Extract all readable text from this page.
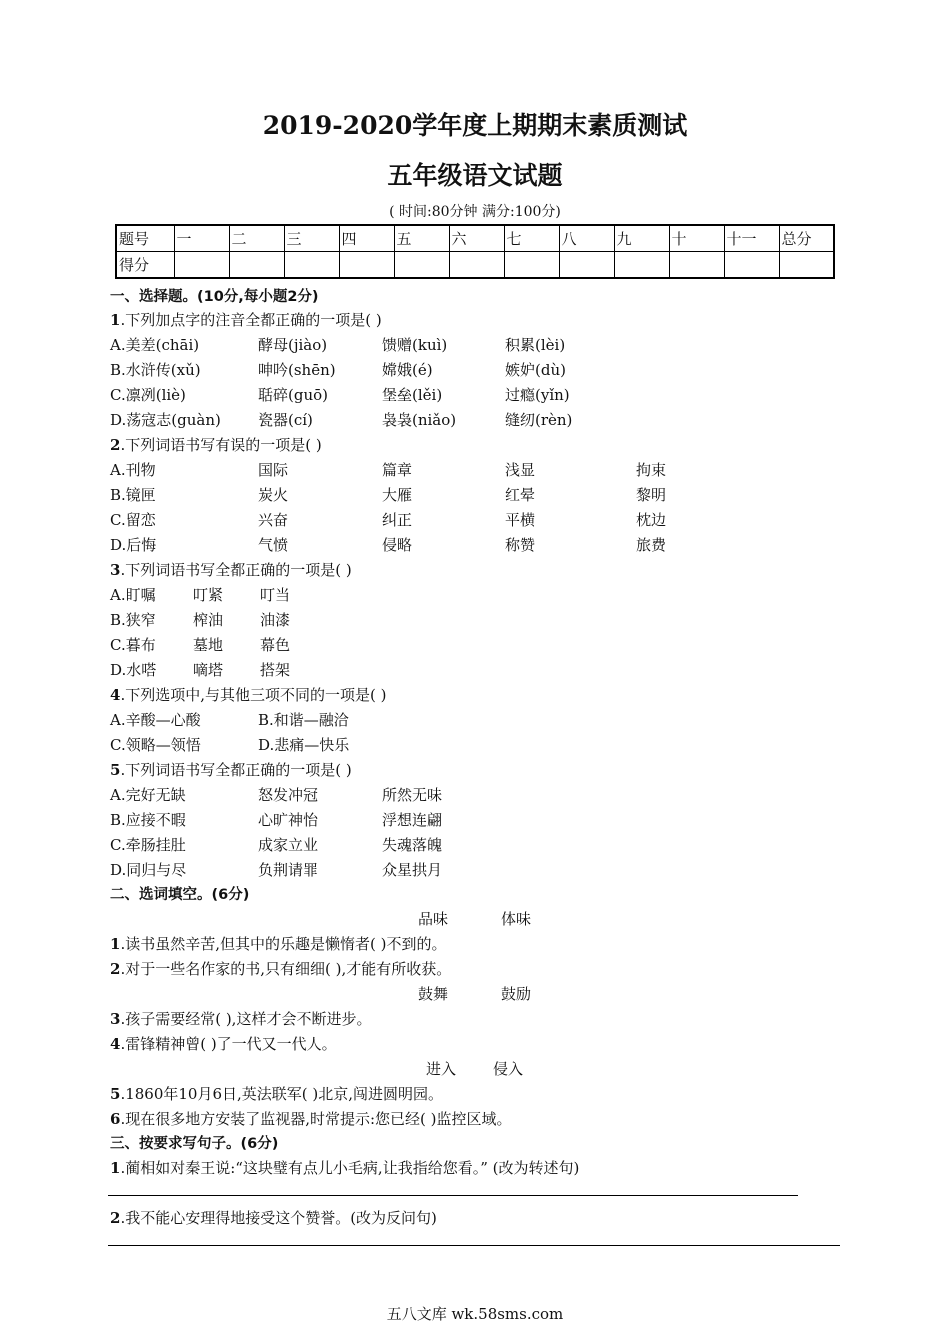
2019-2020学年度上期期末素质测试
五年级语文试题
( 时间:80分钟 满分:100分)
题号	一	二	三	四	五	六	七	八	九	十	十一	总分
得分												
一、选择题。(10分,每小题2分)
1.下列加点字的注音全都正确的一项是( )
A.美差(chāi)	酵母(jiào)	馈赠(kuì)	积累(lèi)
B.水浒传(xǔ)	呻吟(shēn)	嫦娥(é)	嫉妒(dù)
C.凛冽(liè)	聒碎(guō)	堡垒(lěi)	过瘾(yǐn)
D.荡寇志(guàn) 瓷器(cí)	袅袅(niǎo)	缝纫(rèn)
2.下列词语书写有误的一项是( )
A.刊物	国际	篇章	浅显	拘束
B.镜匣	炭火	大雁	红晕	黎明
C.留恋	兴奋	纠正	平横	枕边
D.后悔	气愤	侵略	称赞	旅费
3.下列词语书写全都正确的一项是( )
A.盯嘱 叮紧 叮当
B.狭窄 榨油 油漆
C.暮布 墓地 幕色
D.水嗒 嘀塔 搭架
4.下列选项中,与其他三项不同的一项是( )
A.辛酸—心酸	B.和谐—融洽
C.领略—领悟	D.悲痛—快乐
5.下列词语书写全都正确的一项是( )
A.完好无缺	怒发冲冠	所然无味
B.应接不暇	心旷神怡	浮想连翩
C.牵肠挂肚	成家立业	失魂落魄
D.同归与尽	负荆请罪	众星拱月
二、选词填空。(6分)
品味	体味
1.读书虽然辛苦,但其中的乐趣是懒惰者( )不到的。
2.对于一些名作家的书,只有细细( ),才能有所收获。
鼓舞	鼓励
3.孩子需要经常( ),这样才会不断进步。
4.雷锋精神曾( )了一代又一代人。
进入 侵入
5.1860年10月6日,英法联军( )北京,闯进圆明园。
6.现在很多地方安装了监视器,时常提示:您已经( )监控区域。
三、按要求写句子。(6分)
1.蔺相如对秦王说:“这块璧有点儿小毛病,让我指给您看。” (改为转述句)
2.我不能心安理得地接受这个赞誉。(改为反问句)
五八文库 wk.58sms.com
